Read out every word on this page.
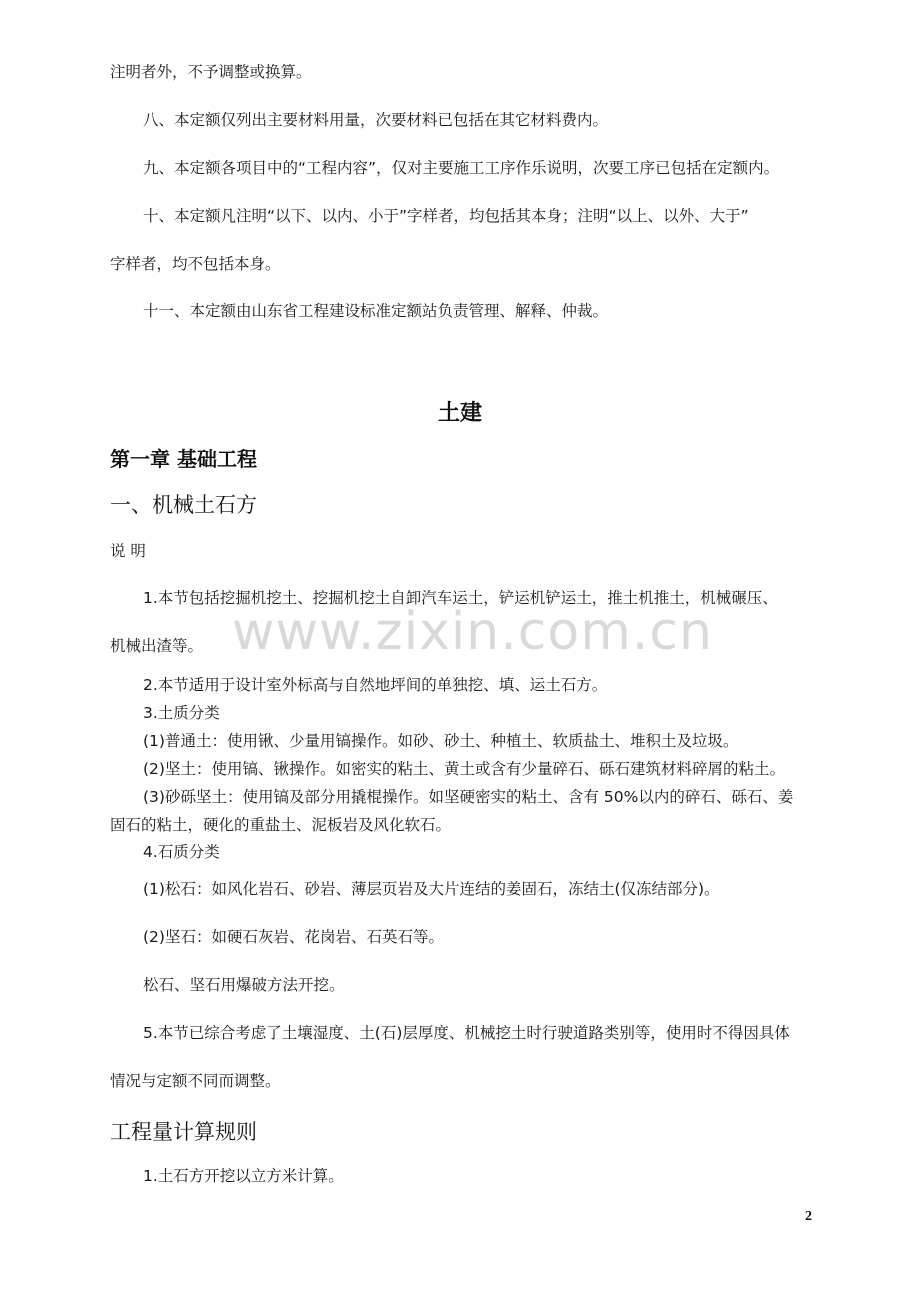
注明者外，不予调整或换算。
八、本定额仅列出主要材料用量，次要材料已包括在其它材料费内。
九、本定额各项目中的“工程内容”，仅对主要施工工序作乐说明，次要工序已包括在定额内。
十、本定额凡注明“以下、以内、小于”字样者，均包括其本身；注明“以上、以外、大于”
字样者，均不包括本身。
十一、本定额由山东省工程建设标准定额站负责管理、解释、仲裁。
土建
第一章 基础工程
一、机械土石方
说 明
1.本节包括挖掘机挖土、挖掘机挖土自卸汽车运土，铲运机铲运土，推土机推土，机械碾压、
机械出渣等。 www.zixin.com.cn
2.本节适用于设计室外标高与自然地坪间的单独挖、填、运土石方。
3.土质分类
(1)普通土：使用锹、少量用镐操作。如砂、砂土、种植土、软质盐土、堆积土及垃圾。
(2)坚土：使用镐、锹操作。如密实的粘土、黄土或含有少量碎石、砾石建筑材料碎屑的粘土。
(3)砂砾坚土：使用镐及部分用撬棍操作。如坚硬密实的粘土、含有 50%以内的碎石、砾石、姜
固石的粘土，硬化的重盐土、泥板岩及风化软石。
4.石质分类
(1)松石：如风化岩石、砂岩、薄层页岩及大片连结的姜固石，冻结土(仅冻结部分)。
(2)坚石：如硬石灰岩、花岗岩、石英石等。
松石、坚石用爆破方法开挖。
5.本节已综合考虑了土壤湿度、土(石)层厚度、机械挖土时行驶道路类别等，使用时不得因具体
情况与定额不同而调整。
工程量计算规则
1.土石方开挖以立方米计算。
2
